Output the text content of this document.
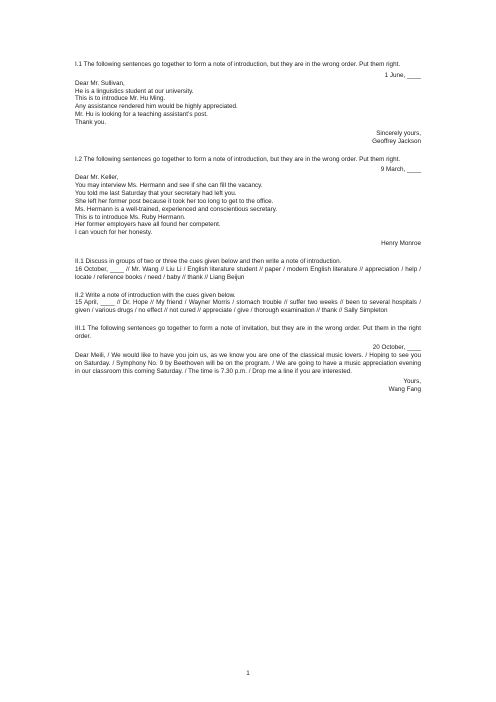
I.1 The following sentences go together to form a note of introduction, but they are in the wrong order. Put them right.

1 June, ____

Dear Mr. Sullivan,

He is a linguistics student at our university.

This is to introduce Mr. Hu Ming.

Any assistance rendered him would be highly appreciated.

Mr. Hu is looking for a teaching assistant’s post.

Thank you.

Sincerely yours,

Geoffrey Jackson

I.2 The following sentences go together to form a note of introduction, but they are in the wrong order. Put them right.

9 March, ____

Dear Mr. Keller,

You may interview Ms. Hermann and see if she can fill the vacancy.

You told me last Saturday that your secretary had left you.

She left her former post because it took her too long to get to the office.

Ms. Hermann is a well-trained, experienced and conscientious secretary.

This is to introduce Ms. Ruby Hermann.

Her former employers have all found her competent.

I can vouch for her honesty.

Henry Monroe

II.1 Discuss in groups of two or three the cues given below and then write a note of introduction.

16 October, ____ // Mr. Wang // Liu Li / English literature student // paper / modern English literature // appreciation / help / locate / reference books / need / baby // thank // Liang Beijun

II.2 Write a note of introduction with the cues given below.

15 April, ____ // Dr. Hope // My friend / Wayner Morris / stomach trouble // suffer two weeks // been to several hospitals / given / various drugs / no effect // not cured // appreciate / give / thorough examination // thank // Sally Simpleton

III.1 The following sentences go together to form a note of invitation, but they are in the wrong order. Put them in the right order.

20 October, ____

Dear Meili, / We would like to have you join us, as we know you are one of the classical music lovers. / Hoping to see you on Saturday. / Symphony No. 9 by Beethoven will be on the program. / We are going to have a music appreciation evening in our classroom this coming Saturday. / The time is 7.30 p.m. / Drop me a line if you are interested.

Yours,

Wang Fang

1
